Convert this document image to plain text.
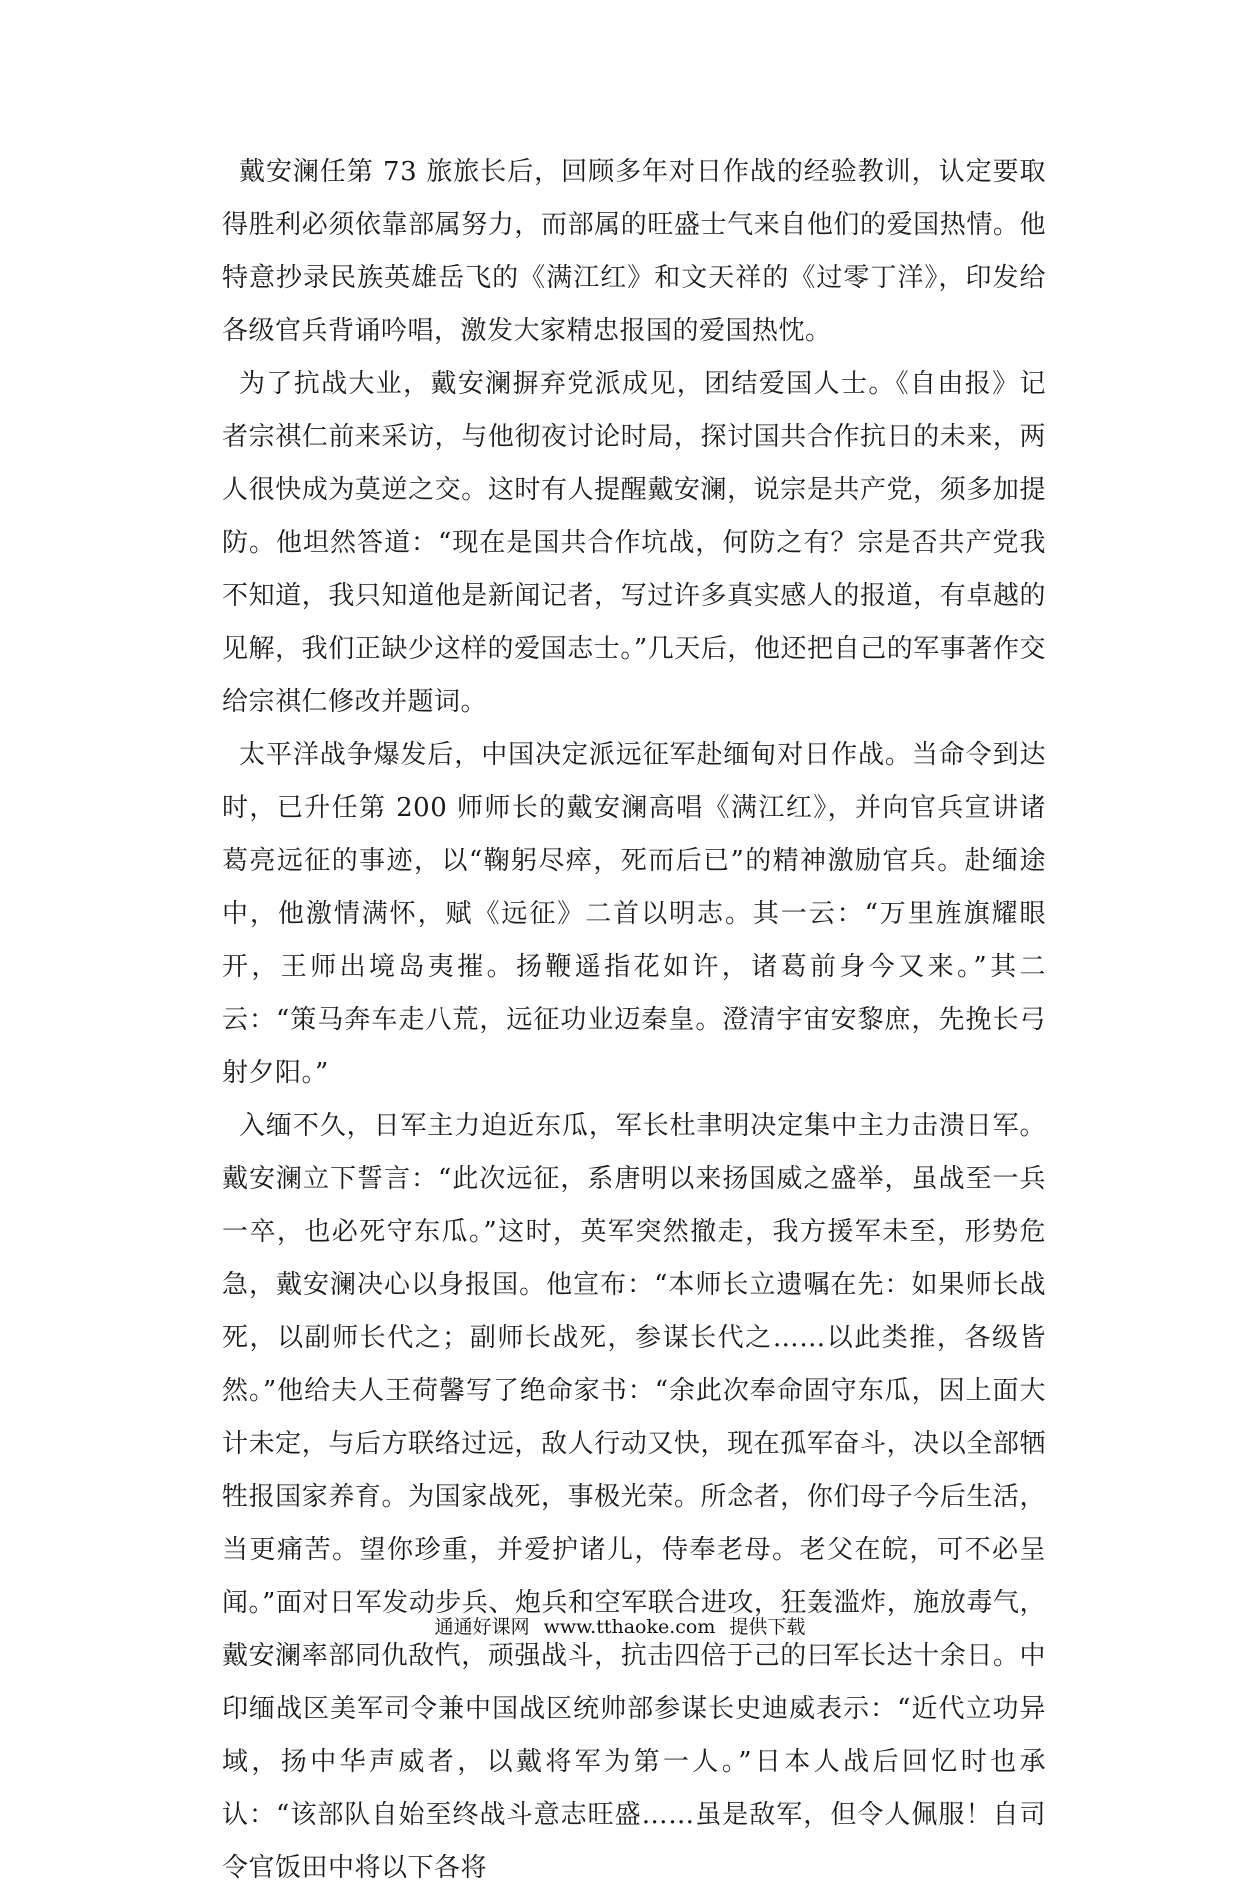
戴安澜任第 73 旅旅长后，回顾多年对日作战的经验教训，认定要取得胜利必须依靠部属努力，而部属的旺盛士气来自他们的爱国热情。他特意抄录民族英雄岳飞的《满江红》和文天祥的《过零丁洋》，印发给各级官兵背诵吟唱，激发大家精忠报国的爱国热忱。

为了抗战大业，戴安澜摒弃党派成见，团结爱国人士。《自由报》记者宗祺仁前来采访，与他彻夜讨论时局，探讨国共合作抗日的未来，两人很快成为莫逆之交。这时有人提醒戴安澜，说宗是共产党，须多加提防。他坦然答道：“现在是国共合作坑战，何防之有？宗是否共产党我不知道，我只知道他是新闻记者，写过许多真实感人的报道，有卓越的见解，我们正缺少这样的爱国志士。”几天后，他还把自己的军事著作交给宗祺仁修改并题词。

太平洋战争爆发后，中国决定派远征军赴缅甸对日作战。当命令到达时，已升任第 200 师师长的戴安澜高唱《满江红》，并向官兵宣讲诸葛亮远征的事迹，以“鞠躬尽瘁，死而后已”的精神激励官兵。赴缅途中，他激情满怀，赋《远征》二首以明志。其一云：“万里旌旗耀眼开，王师出境岛夷摧。扬鞭遥指花如许，诸葛前身今又来。”其二云：“策马奔车走八荒，远征功业迈秦皇。澄清宇宙安黎庶，先挽长弓射夕阳。”

入缅不久，日军主力迫近东瓜，军长杜聿明决定集中主力击溃日军。戴安澜立下誓言：“此次远征，系唐明以来扬国威之盛举，虽战至一兵一卒，也必死守东瓜。”这时，英军突然撤走，我方援军未至，形势危急，戴安澜决心以身报国。他宣布：“本师长立遗嘱在先：如果师长战死，以副师长代之；副师长战死，参谋长代之……以此类推，各级皆然。”他给夫人王荷馨写了绝命家书：“余此次奉命固守东瓜，因上面大计未定，与后方联络过远，敌人行动又快，现在孤军奋斗，决以全部牺牲报国家养育。为国家战死，事极光荣。所念者，你们母子今后生活，当更痛苦。望你珍重，并爱护诸儿，侍奉老母。老父在皖，可不必呈闻。”面对日军发动步兵、炮兵和空军联合进攻，狂轰滥炸，施放毒气，戴安澜率部同仇敌忾，顽强战斗，抗击四倍于己的曰军长达十余日。中印缅战区美军司令兼中国战区统帅部参谋长史迪威表示：“近代立功异域，扬中华声威者，以戴将军为第一人。”日本人战后回忆时也承认：“该部队自始至终战斗意志旺盛……虽是敌军，但令人佩服！自司令官饭田中将以下各将

通通好课网 www.tthaoke.com 提供下载
